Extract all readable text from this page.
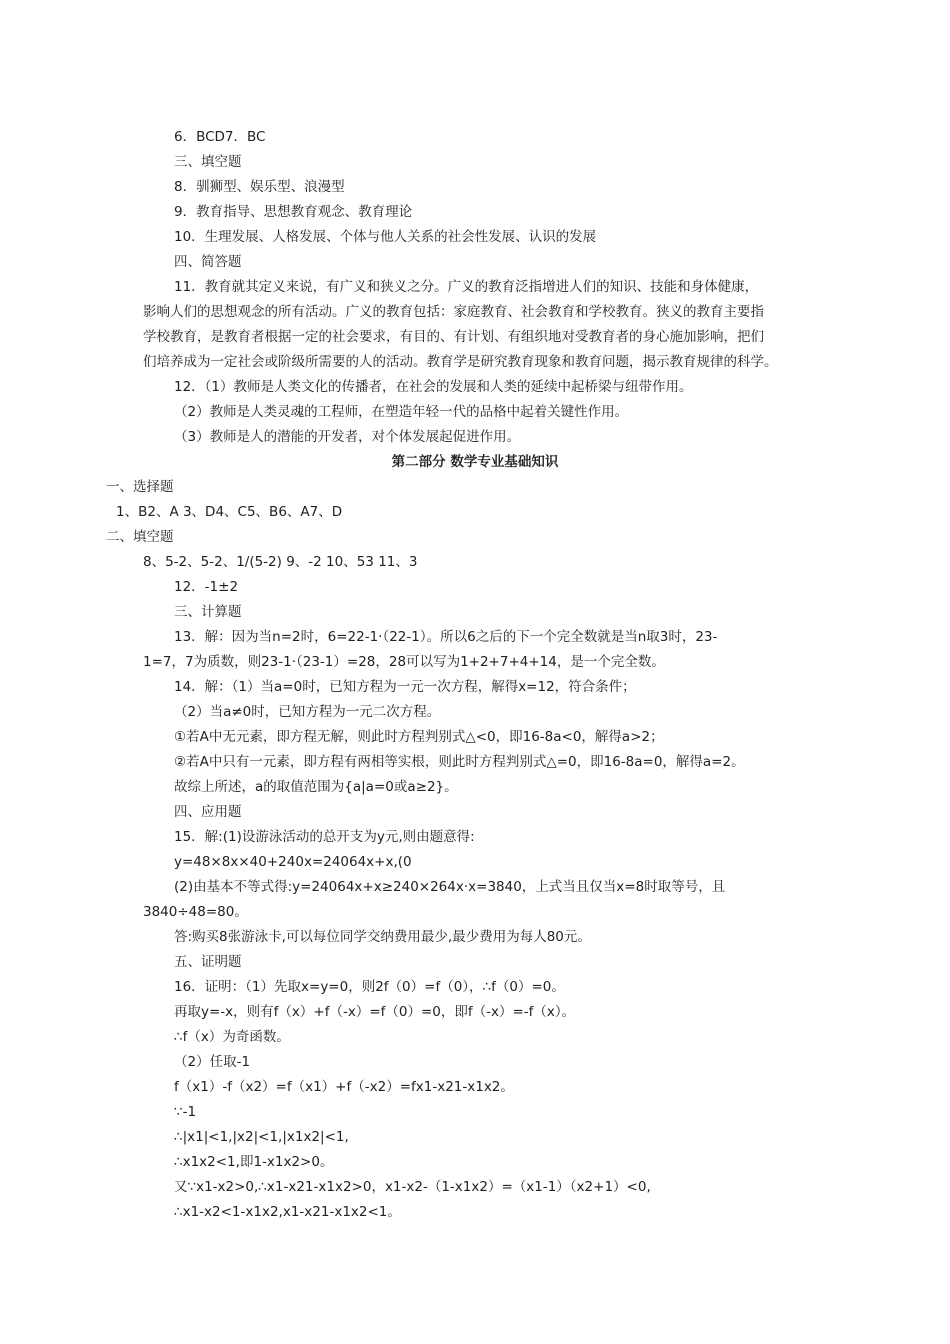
6．BCD7．BC
三、填空题
8．驯狮型、娱乐型、浪漫型
9．教育指导、思想教育观念、教育理论
10．生理发展、人格发展、个体与他人关系的社会性发展、认识的发展
四、简答题
11．教育就其定义来说，有广义和狭义之分。广义的教育泛指增进人们的知识、技能和身体健康，
影响人们的思想观念的所有活动。广义的教育包括：家庭教育、社会教育和学校教育。狭义的教育主要指
学校教育，是教育者根据一定的社会要求，有目的、有计划、有组织地对受教育者的身心施加影响，把们
们培养成为一定社会或阶级所需要的人的活动。教育学是研究教育现象和教育问题，揭示教育规律的科学。
12．（1）教师是人类文化的传播者，在社会的发展和人类的延续中起桥梁与纽带作用。
（2）教师是人类灵魂的工程师，在塑造年轻一代的品格中起着关键性作用。
（3）教师是人的潜能的开发者，对个体发展起促进作用。
第二部分 数学专业基础知识
一、选择题
1、B2、A 3、D4、C5、B6、A7、D
二、填空题
8、5-2、5-2、1/(5-2) 9、-2 10、53 11、3
12．-1±2
三、计算题
13．解：因为当n=2时，6=22-1·（22-1）。所以6之后的下一个完全数就是当n取3时，23-
1=7，7为质数，则23-1·（23-1）=28，28可以写为1+2+7+4+14，是一个完全数。
14．解：（1）当a=0时，已知方程为一元一次方程，解得x=12，符合条件；
（2）当a≠0时，已知方程为一元二次方程。
①若A中无元素，即方程无解，则此时方程判别式△<0，即16-8a<0，解得a>2；
②若A中只有一元素，即方程有两相等实根，则此时方程判别式△=0，即16-8a=0，解得a=2。
故综上所述，a的取值范围为{a|a=0或a≥2}。
四、应用题
15．解:(1)设游泳活动的总开支为y元,则由题意得:
y=48×8x×40+240x=24064x+x,(0
(2)由基本不等式得:y=24064x+x≥240×264x·x=3840，上式当且仅当x=8时取等号，且
3840÷48=80。
答:购买8张游泳卡,可以每位同学交纳费用最少,最少费用为每人80元。
五、证明题
16．证明：（1）先取x=y=0，则2f（0）=f（0），∴f（0）=0。
再取y=-x，则有f（x）+f（-x）=f（0）=0，即f（-x）=-f（x）。
∴f（x）为奇函数。
（2）任取-1
f（x1）-f（x2）=f（x1）+f（-x2）=fx1-x21-x1x2。
∵-1
∴|x1|<1,|x2|<1,|x1x2|<1,
∴x1x2<1,即1-x1x2>0。
又∵x1-x2>0,∴x1-x21-x1x2>0，x1-x2-（1-x1x2）=（x1-1）（x2+1）<0,
∴x1-x2<1-x1x2,x1-x21-x1x2<1。
